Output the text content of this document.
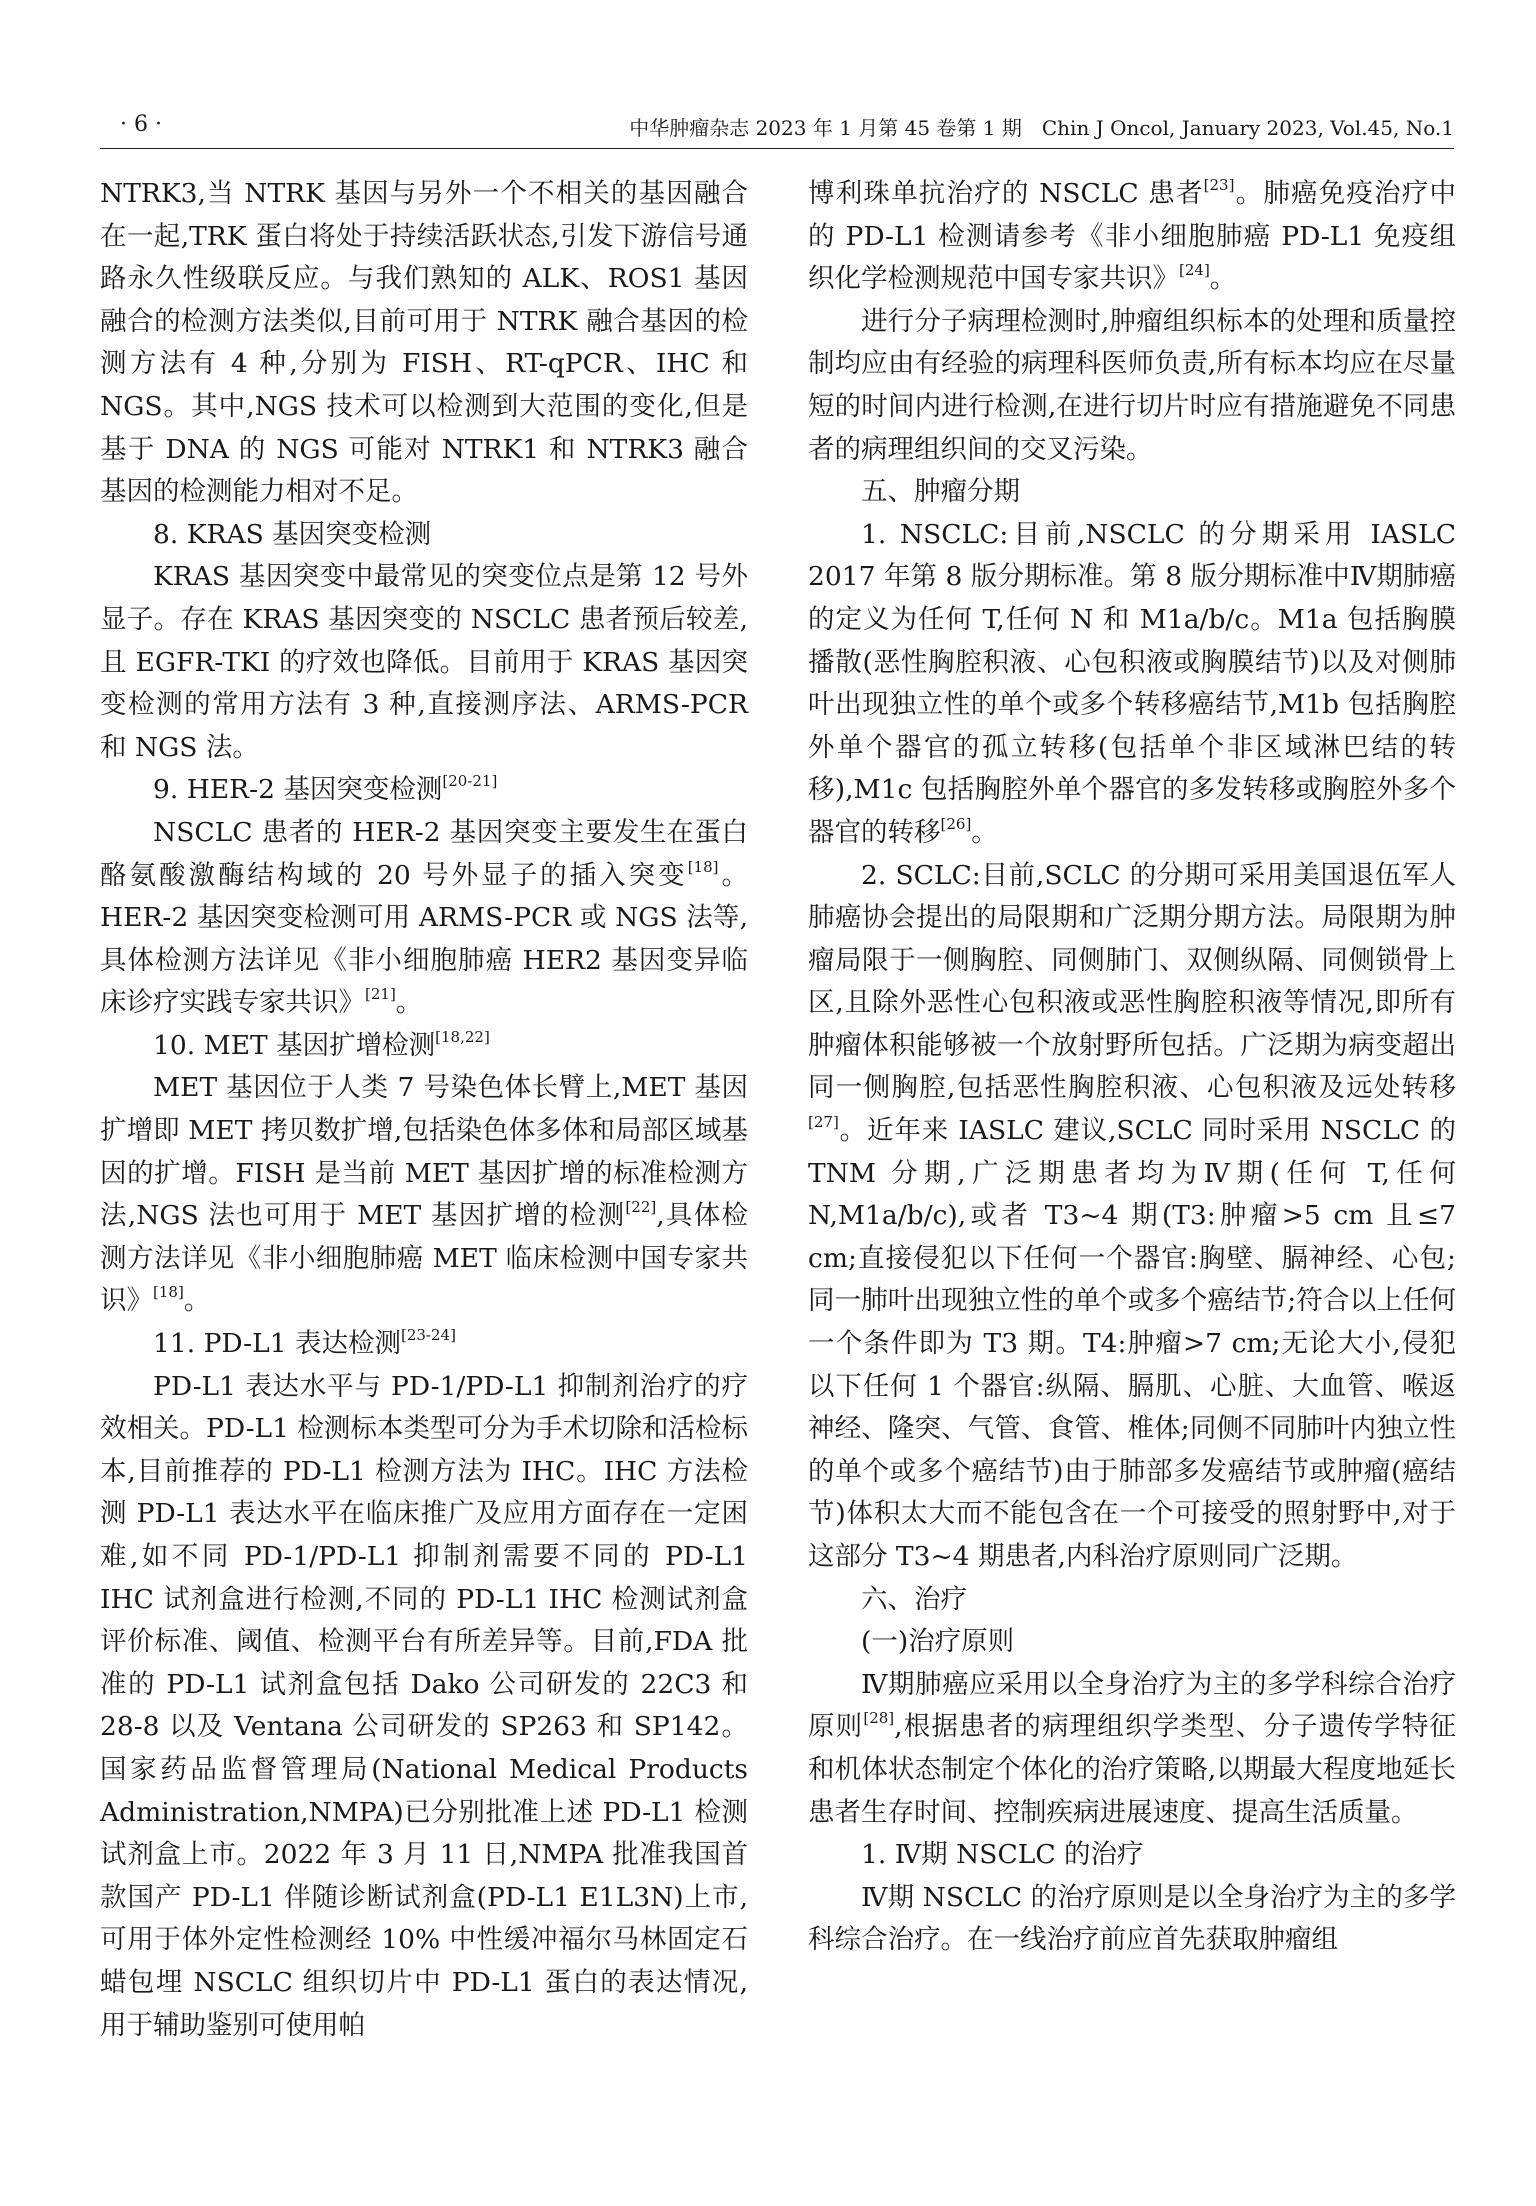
· 6 ·	中华肿瘤杂志 2023 年 1 月第 45 卷第 1 期　Chin J Oncol, January 2023, Vol.45, No.1

NTRK3,当 NTRK 基因与另外一个不相关的基因融合在一起,TRK 蛋白将处于持续活跃状态,引发下游信号通路永久性级联反应。与我们熟知的 ALK、ROS1 基因融合的检测方法类似,目前可用于 NTRK 融合基因的检测方法有 4 种,分别为 FISH、RT-qPCR、IHC 和 NGS。其中,NGS 技术可以检测到大范围的变化,但是基于 DNA 的 NGS 可能对 NTRK1 和 NTRK3 融合基因的检测能力相对不足。

8. KRAS 基因突变检测

KRAS 基因突变中最常见的突变位点是第 12 号外显子。存在 KRAS 基因突变的 NSCLC 患者预后较差,且 EGFR-TKI 的疗效也降低。目前用于 KRAS 基因突变检测的常用方法有 3 种,直接测序法、ARMS-PCR 和 NGS 法。

9. HER-2 基因突变检测[20-21]

NSCLC 患者的 HER-2 基因突变主要发生在蛋白酪氨酸激酶结构域的 20 号外显子的插入突变[18]。HER-2 基因突变检测可用 ARMS-PCR 或 NGS 法等,具体检测方法详见《非小细胞肺癌 HER2 基因变异临床诊疗实践专家共识》[21]。

10. MET 基因扩增检测[18,22]

MET 基因位于人类 7 号染色体长臂上,MET 基因扩增即 MET 拷贝数扩增,包括染色体多体和局部区域基因的扩增。FISH 是当前 MET 基因扩增的标准检测方法,NGS 法也可用于 MET 基因扩增的检测[22],具体检测方法详见《非小细胞肺癌 MET 临床检测中国专家共识》[18]。

11. PD-L1 表达检测[23-24]

PD-L1 表达水平与 PD-1/PD-L1 抑制剂治疗的疗效相关。PD-L1 检测标本类型可分为手术切除和活检标本,目前推荐的 PD-L1 检测方法为 IHC。IHC 方法检测 PD-L1 表达水平在临床推广及应用方面存在一定困难,如不同 PD-1/PD-L1 抑制剂需要不同的 PD-L1 IHC 试剂盒进行检测,不同的 PD-L1 IHC 检测试剂盒评价标准、阈值、检测平台有所差异等。目前,FDA 批准的 PD-L1 试剂盒包括 Dako 公司研发的 22C3 和 28-8 以及 Ventana 公司研发的 SP263 和 SP142。国家药品监督管理局(National Medical Products Administration,NMPA)已分别批准上述 PD-L1 检测试剂盒上市。2022 年 3 月 11 日,NMPA 批准我国首款国产 PD-L1 伴随诊断试剂盒(PD-L1 E1L3N)上市,可用于体外定性检测经 10% 中性缓冲福尔马林固定石蜡包埋 NSCLC 组织切片中 PD-L1 蛋白的表达情况,用于辅助鉴别可使用帕

博利珠单抗治疗的 NSCLC 患者[23]。肺癌免疫治疗中的 PD-L1 检测请参考《非小细胞肺癌 PD-L1 免疫组织化学检测规范中国专家共识》[24]。

进行分子病理检测时,肿瘤组织标本的处理和质量控制均应由有经验的病理科医师负责,所有标本均应在尽量短的时间内进行检测,在进行切片时应有措施避免不同患者的病理组织间的交叉污染。

五、肿瘤分期

1. NSCLC:目前,NSCLC 的分期采用 IASLC 2017 年第 8 版分期标准。第 8 版分期标准中Ⅳ期肺癌的定义为任何 T,任何 N 和 M1a/b/c。M1a 包括胸膜播散(恶性胸腔积液、心包积液或胸膜结节)以及对侧肺叶出现独立性的单个或多个转移癌结节,M1b 包括胸腔外单个器官的孤立转移(包括单个非区域淋巴结的转移),M1c 包括胸腔外单个器官的多发转移或胸腔外多个器官的转移[26]。

2. SCLC:目前,SCLC 的分期可采用美国退伍军人肺癌协会提出的局限期和广泛期分期方法。局限期为肿瘤局限于一侧胸腔、同侧肺门、双侧纵隔、同侧锁骨上区,且除外恶性心包积液或恶性胸腔积液等情况,即所有肿瘤体积能够被一个放射野所包括。广泛期为病变超出同一侧胸腔,包括恶性胸腔积液、心包积液及远处转移[27]。近年来 IASLC 建议,SCLC 同时采用 NSCLC 的 TNM 分期,广泛期患者均为Ⅳ期(任何 T,任何 N,M1a/b/c),或者 T3~4 期(T3:肿瘤>5 cm 且≤7 cm;直接侵犯以下任何一个器官:胸壁、膈神经、心包;同一肺叶出现独立性的单个或多个癌结节;符合以上任何一个条件即为 T3 期。T4:肿瘤>7 cm;无论大小,侵犯以下任何 1 个器官:纵隔、膈肌、心脏、大血管、喉返神经、隆突、气管、食管、椎体;同侧不同肺叶内独立性的单个或多个癌结节)由于肺部多发癌结节或肿瘤(癌结节)体积太大而不能包含在一个可接受的照射野中,对于这部分 T3~4 期患者,内科治疗原则同广泛期。

六、治疗

(一)治疗原则

Ⅳ期肺癌应采用以全身治疗为主的多学科综合治疗原则[28],根据患者的病理组织学类型、分子遗传学特征和机体状态制定个体化的治疗策略,以期最大程度地延长患者生存时间、控制疾病进展速度、提高生活质量。

1. Ⅳ期 NSCLC 的治疗

Ⅳ期 NSCLC 的治疗原则是以全身治疗为主的多学科综合治疗。在一线治疗前应首先获取肿瘤组
